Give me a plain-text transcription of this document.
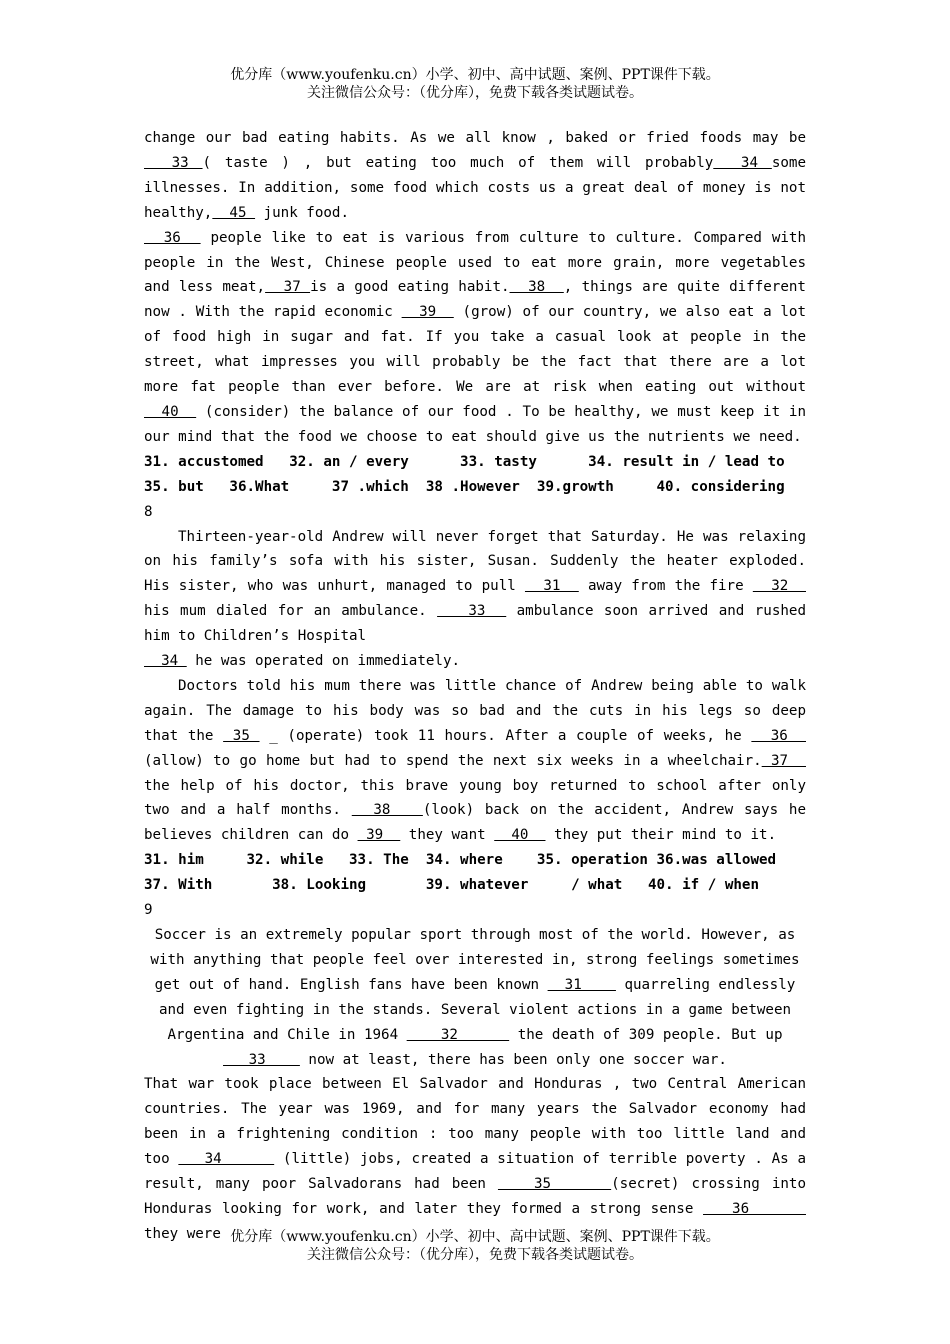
优分库（www.youfenku.cn）小学、初中、高中试题、案例、PPT课件下载。
关注微信公众号：（优分库），免费下载各类试题试卷。

change our bad eating habits. As we all know , baked or fried foods may be   33 ( taste ) , but eating too much of them will probably  34 some illnesses. In addition, some food which costs us a great deal of money is not healthy,  45  junk food.

36   people like to eat is various from culture to culture. Compared with people in the West, Chinese people used to eat more grain, more vegetables and less meat,  37 is a good eating habit.  38  , things are quite different now . With the rapid economic   39   (grow) of our country, we also eat a lot of food high in sugar and fat. If you take a casual look at people in the street, what impresses you will probably be the fact that there are a lot more fat people than ever before. We are at risk when eating out without   40   (consider) the balance of our food . To be healthy, we must keep it in our mind that the food we choose to eat should give us the nutrients we need.

31. accustomed   32. an / every      33. tasty      34. result in / lead to

35. but   36.What     37 .which  38 .However  39.growth     40. considering

8

Thirteen-year-old Andrew will never forget that Saturday. He was relaxing on his family’s sofa with his sister, Susan. Suddenly the heater exploded. His sister, who was unhurt, managed to pull   31   away from the fire   32   his mum dialed for an ambulance.    33   ambulance soon arrived and rushed him to Children’s Hospital

34  he was operated on immediately.

Doctors told his mum there was little chance of Andrew being able to walk again. The damage to his body was so bad and the cuts in his legs so deep that the  35  _ (operate) took 11 hours. After a couple of weeks, he   36   (allow) to go home but had to spend the next six weeks in a wheelchair. 37   the help of his doctor, this brave young boy returned to school after only two and a half months.   38   (look) back on the accident, Andrew says he believes children can do  39   they want   40   they put their mind to it.

31. him     32. while   33. The  34. where    35. operation 36.was allowed

37. With       38. Looking       39. whatever     / what   40. if / when

9

Soccer is an extremely popular sport through most of the world. However, as with anything that people feel over interested in, strong feelings sometimes get out of hand. English fans have been known   31     quarreling endlessly and even fighting in the stands. Several violent actions in a game between Argentina and Chile in 1964     32       the death of 309 people. But up    33     now at least, there has been only one soccer war.

That war took place between El Salvador and Honduras , two Central American countries. The year was 1969, and for many years the Salvador economy had been in a frightening condition : too many people with too little land and too    34       (little) jobs, created a situation of terrible poverty . As a result, many poor Salvadorans had been    35     (secret) crossing into Honduras looking for work, and later they formed a strong sense    36       they were 优分库（www.youfenku.cn）小学、初中、高中试题、案例、PPT课件下载。
关注微信公众号：（优分库），免费下载各类试题试卷。
